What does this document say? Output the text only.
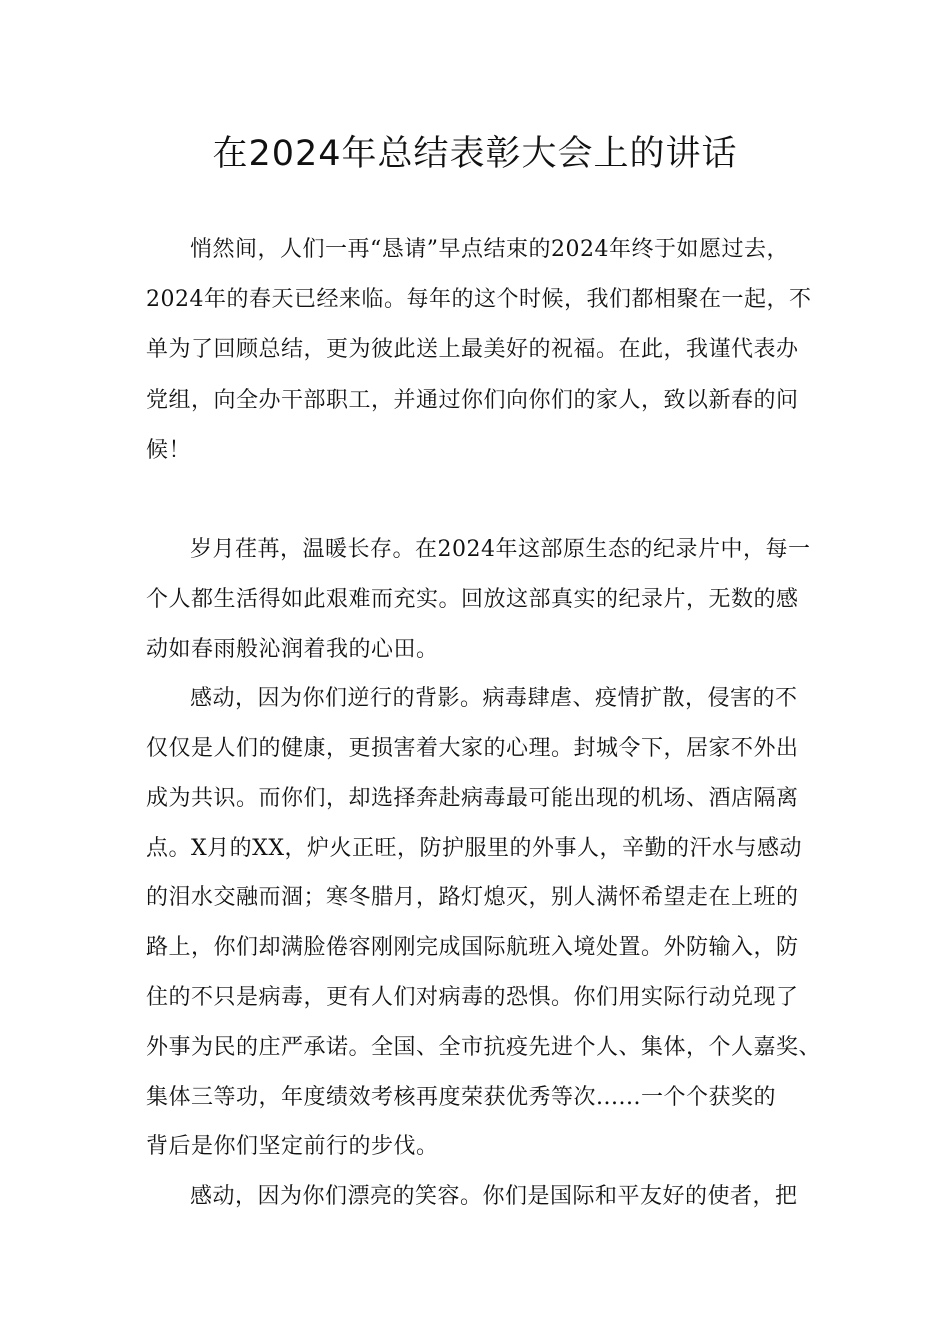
在2024年总结表彰大会上的讲话
悄然间，人们一再“恳请”早点结束的2024年终于如愿过去，
2024年的春天已经来临。每年的这个时候，我们都相聚在一起，不
单为了回顾总结，更为彼此送上最美好的祝福。在此，我谨代表办
党组，向全办干部职工，并通过你们向你们的家人，致以新春的问
候！
岁月荏苒，温暖长存。在2024年这部原生态的纪录片中，每一
个人都生活得如此艰难而充实。回放这部真实的纪录片，无数的感
动如春雨般沁润着我的心田。
感动，因为你们逆行的背影。病毒肆虐、疫情扩散，侵害的不
仅仅是人们的健康，更损害着大家的心理。封城令下，居家不外出
成为共识。而你们，却选择奔赴病毒最可能出现的机场、酒店隔离
点。X月的XX，炉火正旺，防护服里的外事人，辛勤的汗水与感动
的泪水交融而涸；寒冬腊月，路灯熄灭，别人满怀希望走在上班的
路上，你们却满脸倦容刚刚完成国际航班入境处置。外防输入，防
住的不只是病毒，更有人们对病毒的恐惧。你们用实际行动兑现了
外事为民的庄严承诺。全国、全市抗疫先进个人、集体，个人嘉奖、
集体三等功，年度绩效考核再度荣获优秀等次......一个个获奖的
背后是你们坚定前行的步伐。
感动，因为你们漂亮的笑容。你们是国际和平友好的使者，把
